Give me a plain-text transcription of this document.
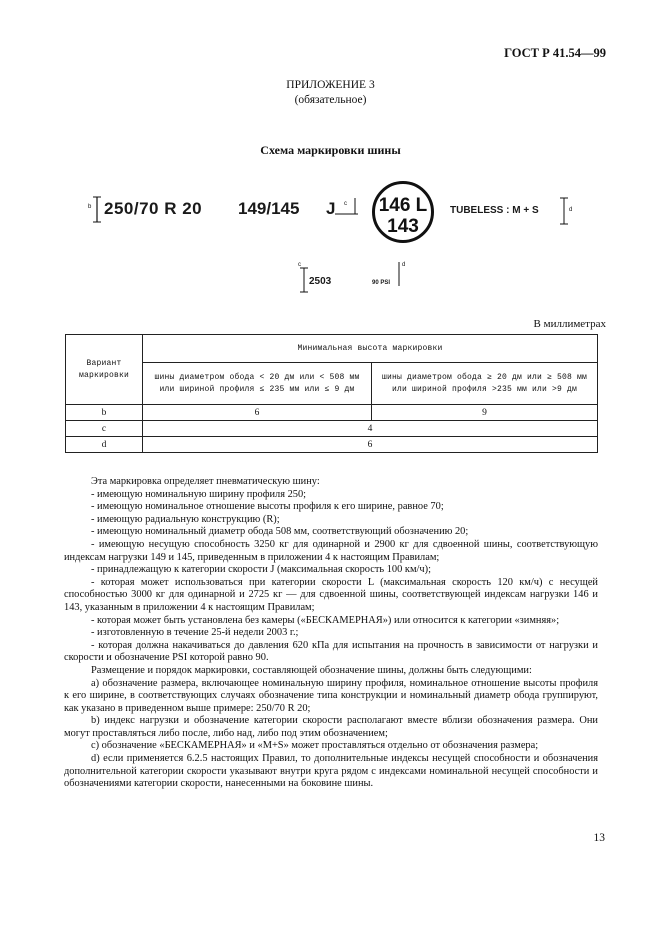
ГОСТ Р 41.54—99
ПРИЛОЖЕНИЕ 3
(обязательное)
Схема маркировки шины
b 250/70 R 20 149/145 J c	146 L
143
TUBELESS : M + S	d
c
2503	90 PSI
d
В миллиметрах
Вариант маркировки	Минимальная высота маркировки	

	шины диаметром обода < 20 дм или < 508 мм или шириной профиля ≤ 235 мм или ≤ 9 дм	шины диаметром обода ≥ 20 дм или ≥ 508 мм или шириной профиля >235 мм или >9 дм

b	6	9
c	4	
d	6	

Эта маркировка определяет пневматическую шину:

- имеющую номинальную ширину профиля 250;

- имеющую номинальное отношение высоты профиля к его ширине, равное 70;

- имеющую радиальную конструкцию (R);

- имеющую номинальный диаметр обода 508 мм, соответствующий обозначению 20;

- имеющую несущую способность 3250 кг для одинарной и 2900 кг для сдвоенной шины, соответствующую индексам нагрузки 149 и 145, приведенным в приложении 4 к настоящим Правилам;

- принадлежащую к категории скорости J (максимальная скорость 100 км/ч);

- которая может использоваться при категории скорости L (максимальная скорость 120 км/ч) с несущей способностью 3000 кг для одинарной и 2725 кг — для сдвоенной шины, соответствующей индексам нагрузки 146 и 143, указанным в приложении 4 к настоящим Правилам;

- которая может быть установлена без камеры («БЕСКАМЕРНАЯ») или относится к категории «зимняя»;

- изготовленную в течение 25-й недели 2003 г.;

- которая должна накачиваться до давления 620 кПа для испытания на прочность в зависимости от нагрузки и скорости и обозначение PSI которой равно 90.

Размещение и порядок маркировки, составляющей обозначение шины, должны быть следующими:

a) обозначение размера, включающее номинальную ширину профиля, номинальное отношение высоты профиля к его ширине, в соответствующих случаях обозначение типа конструкции и номинальный диаметр обода группируют, как указано в приведенном выше примере: 250/70 R 20;

b) индекс нагрузки и обозначение категории скорости располагают вместе вблизи обозначения размера. Они могут проставляться либо после, либо над, либо под этим обозначением;

c) обозначение «БЕСКАМЕРНАЯ» и «M+S» может проставляться отдельно от обозначения размера;

d) если применяется 6.2.5 настоящих Правил, то дополнительные индексы несущей способности и обозначения дополнительной категории скорости указывают внутри круга рядом с индексами номинальной несущей способности и обозначениями категории скорости, нанесенными на боковине шины.

13
